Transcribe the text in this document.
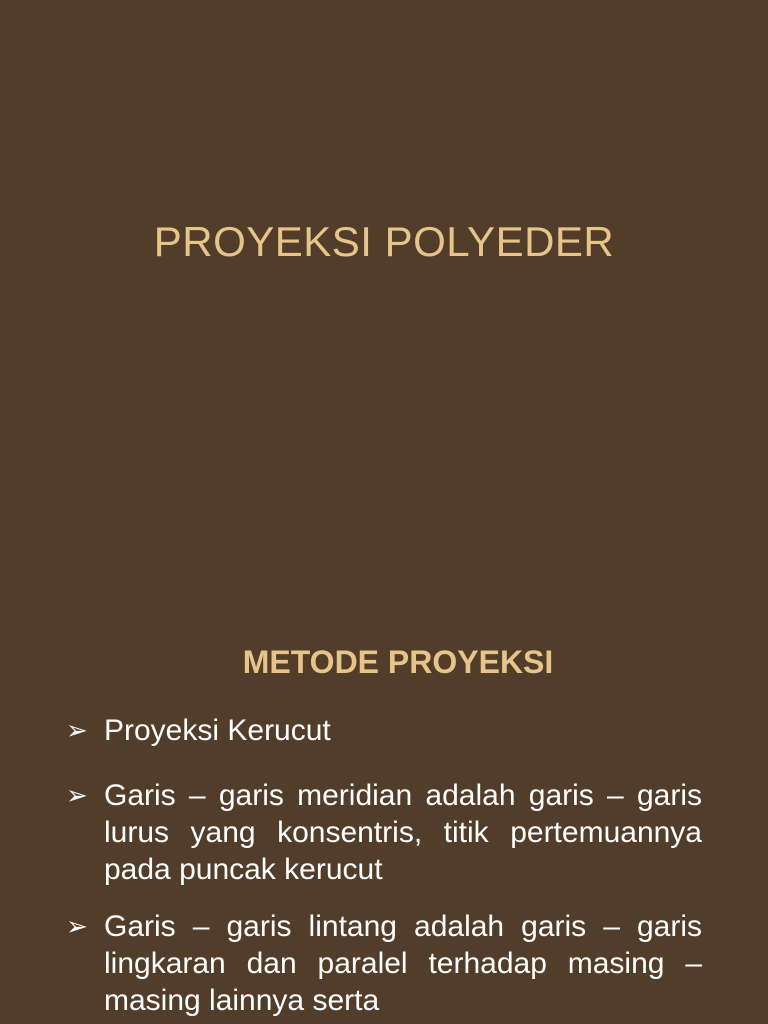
PROYEKSI POLYEDER
METODE PROYEKSI
➢ Proyeksi Kerucut
➢ Garis – garis meridian adalah garis – garis lurus yang konsentris, titik pertemuannya pada puncak kerucut
➢ Garis – garis lintang adalah garis – garis lingkaran dan paralel terhadap masing – masing lainnya serta
